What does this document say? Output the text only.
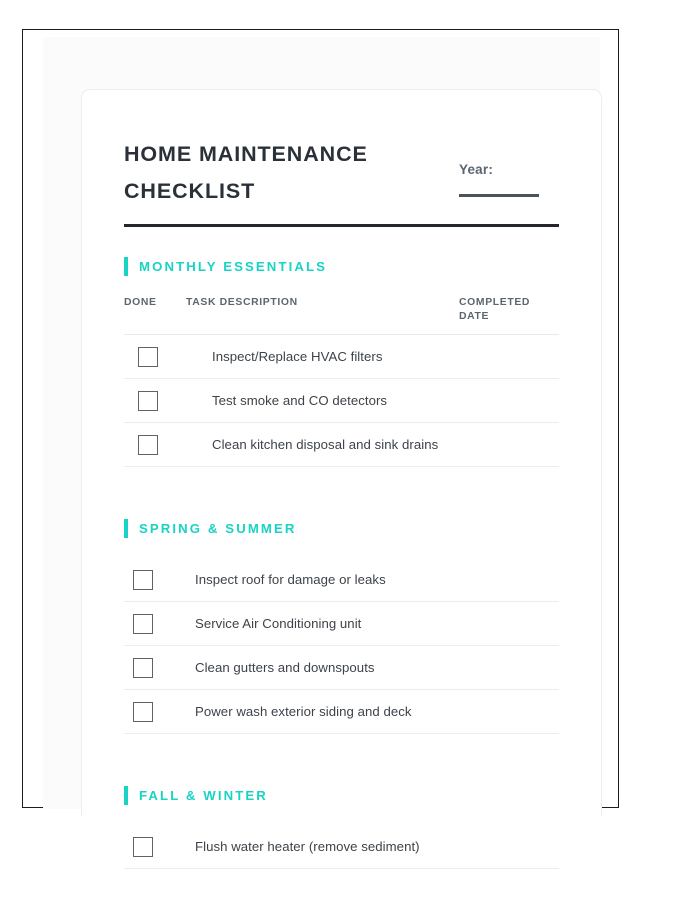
HOME MAINTENANCE CHECKLIST
Year:
MONTHLY ESSENTIALS
DONE	TASK DESCRIPTION	COMPLETED DATE
Inspect/Replace HVAC filters
Test smoke and CO detectors
Clean kitchen disposal and sink drains
SPRING & SUMMER
Inspect roof for damage or leaks
Service Air Conditioning unit
Clean gutters and downspouts
Power wash exterior siding and deck
FALL & WINTER
Flush water heater (remove sediment)
